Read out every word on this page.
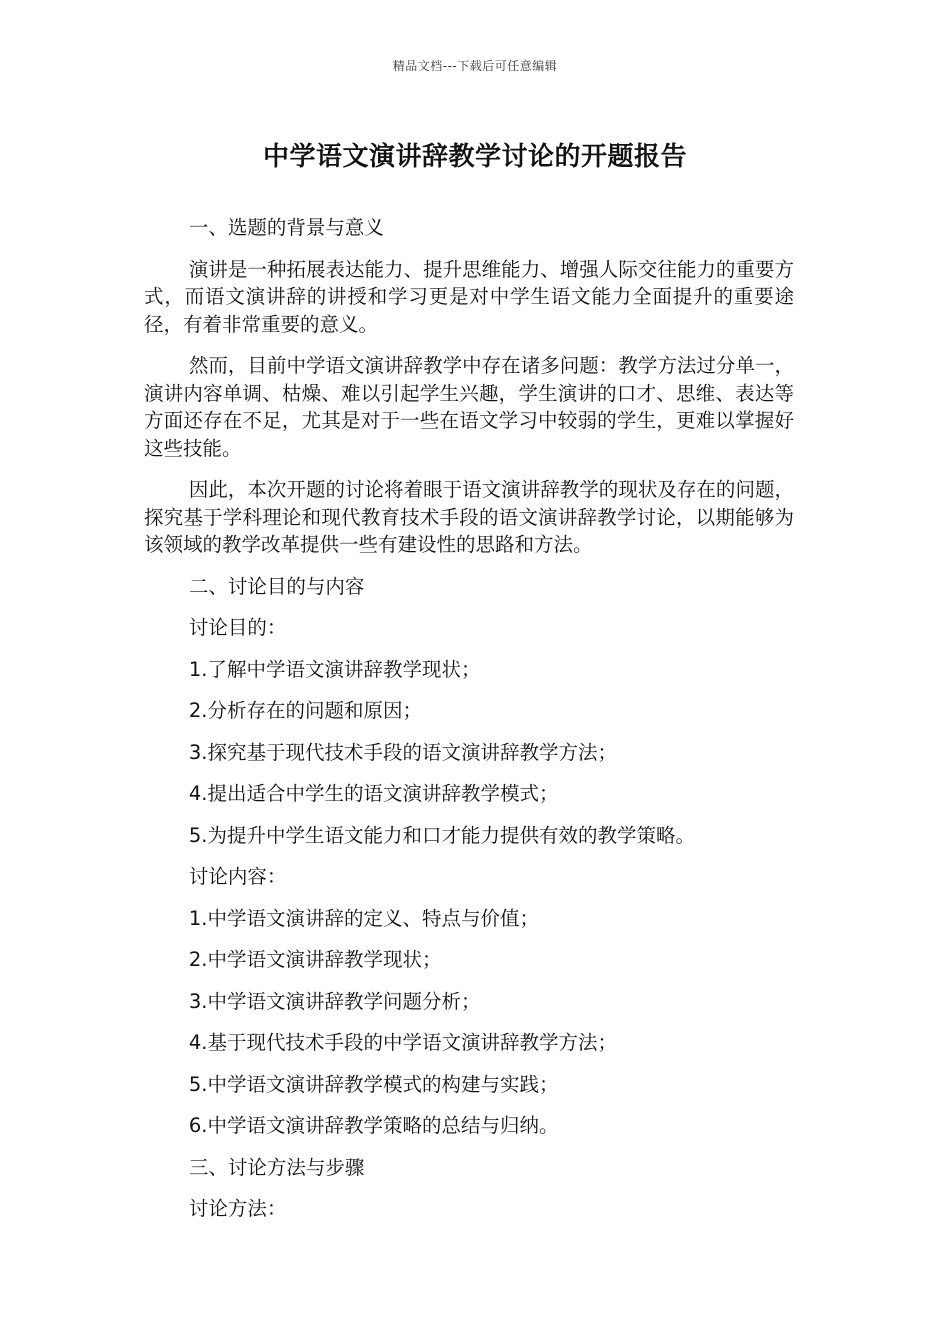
精品文档---下载后可任意编辑
中学语文演讲辞教学讨论的开题报告
一、选题的背景与意义

演讲是一种拓展表达能力、提升思维能力、增强人际交往能力的重要方式，而语文演讲辞的讲授和学习更是对中学生语文能力全面提升的重要途径，有着非常重要的意义。

然而，目前中学语文演讲辞教学中存在诸多问题：教学方法过分单一，演讲内容单调、枯燥、难以引起学生兴趣，学生演讲的口才、思维、表达等方面还存在不足，尤其是对于一些在语文学习中较弱的学生，更难以掌握好这些技能。

因此，本次开题的讨论将着眼于语文演讲辞教学的现状及存在的问题，探究基于学科理论和现代教育技术手段的语文演讲辞教学讨论，以期能够为该领域的教学改革提供一些有建设性的思路和方法。

二、讨论目的与内容
讨论目的：
1.了解中学语文演讲辞教学现状；
2.分析存在的问题和原因；
3.探究基于现代技术手段的语文演讲辞教学方法；
4.提出适合中学生的语文演讲辞教学模式；
5.为提升中学生语文能力和口才能力提供有效的教学策略。
讨论内容：
1.中学语文演讲辞的定义、特点与价值；
2.中学语文演讲辞教学现状；
3.中学语文演讲辞教学问题分析；
4.基于现代技术手段的中学语文演讲辞教学方法；
5.中学语文演讲辞教学模式的构建与实践；
6.中学语文演讲辞教学策略的总结与归纳。
三、讨论方法与步骤
讨论方法：
